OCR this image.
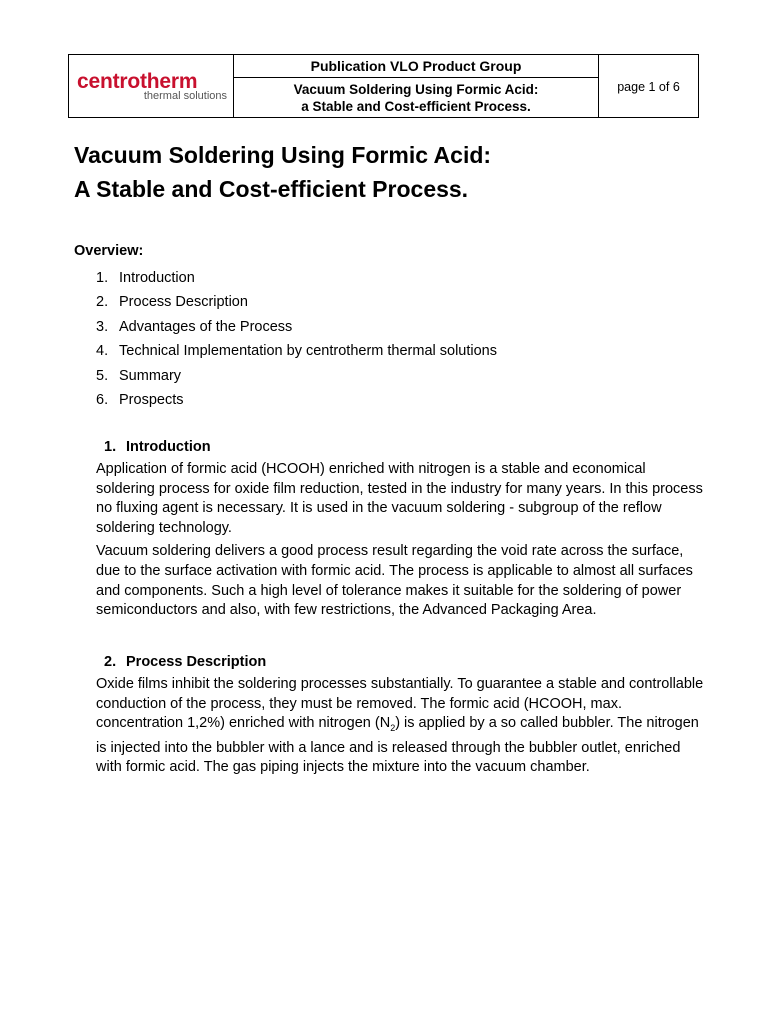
centrotherm
thermal solutions
	Publication VLO Product Group	page 1 of 6
Vacuum Soldering Using Formic Acid:
a Stable and Cost-efficient Process.
Vacuum Soldering Using Formic Acid:
A Stable and Cost-efficient Process.
Overview:
1. Introduction
2. Process Description
3. Advantages of the Process
4. Technical Implementation by centrotherm thermal solutions
5. Summary
6. Prospects
1. Introduction

Application of formic acid (HCOOH) enriched with nitrogen is a stable and economical soldering process for oxide film reduction, tested in the industry for many years. In this process no fluxing agent is necessary. It is used in the vacuum soldering - subgroup of the reflow soldering technology.

Vacuum soldering delivers a good process result regarding the void rate across the surface, due to the surface activation with formic acid. The process is applicable to almost all surfaces and components. Such a high level of tolerance makes it suitable for the soldering of power semiconductors and also, with few restrictions, the Advanced Packaging Area.

2. Process Description

Oxide films inhibit the soldering processes substantially. To guarantee a stable and controllable conduction of the process, they must be removed. The formic acid (HCOOH, max. concentration 1,2%) enriched with nitrogen $(N_2)$ is applied by a so called bubbler. The nitrogen is injected into the bubbler with a lance and is released through the bubbler outlet, enriched with formic acid. The gas piping injects the mixture into the vacuum chamber.
